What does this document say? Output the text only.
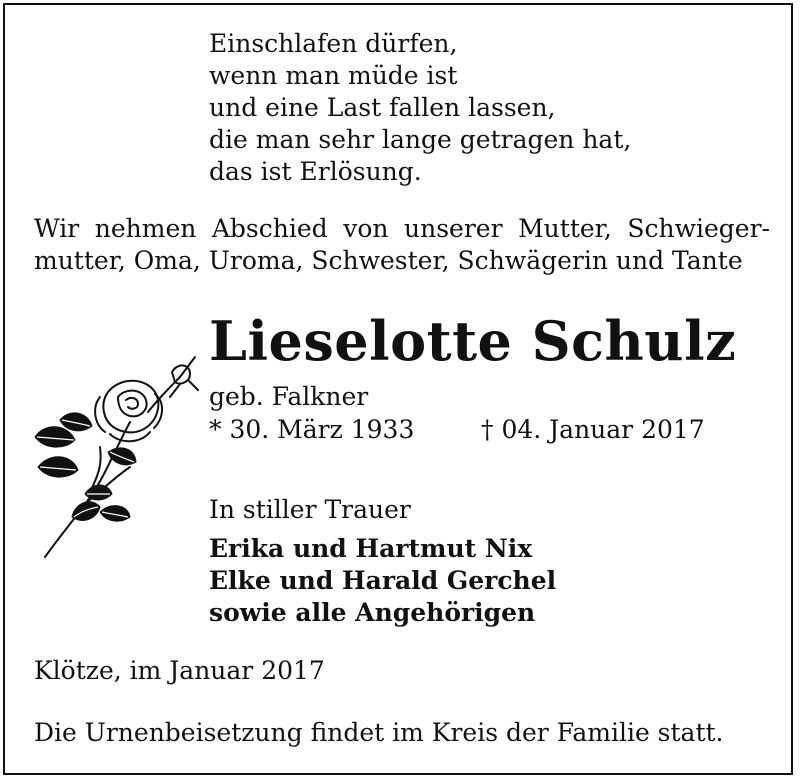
Einschlafen dürfen,
wenn man müde ist
und eine Last fallen lassen,
die man sehr lange getragen hat,
das ist Erlösung.
Wir nehmen Abschied von unserer Mutter, Schwieger-
mutter, Oma, Uroma, Schwester, Schwägerin und Tante
Lieselotte Schulz
geb. Falkner
* 30. März 1933	† 04. Januar 2017
In stiller Trauer
Erika und Hartmut Nix
Elke und Harald Gerchel
sowie alle Angehörigen
Klötze, im Januar 2017
Die Urnenbeisetzung findet im Kreis der Familie statt.
